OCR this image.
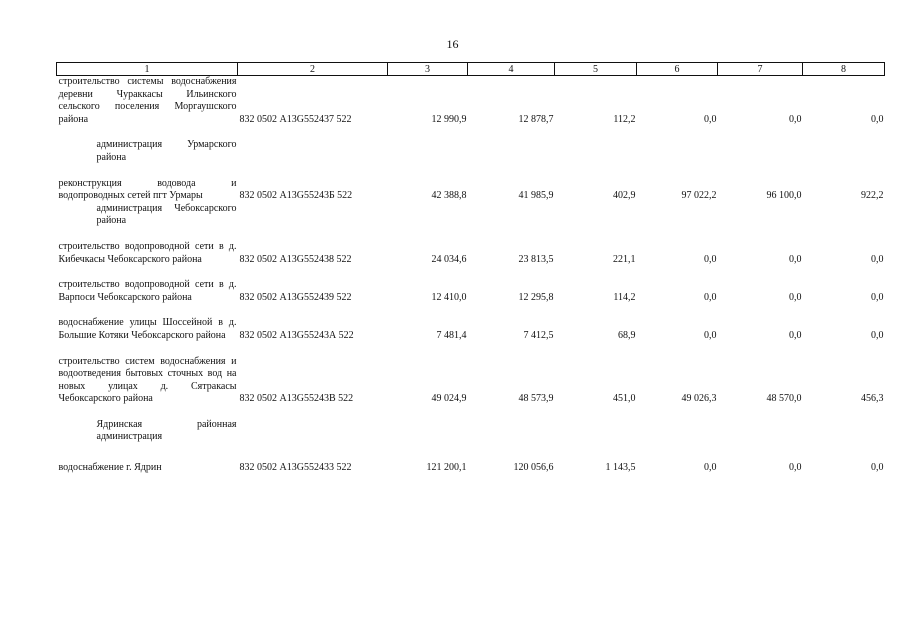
16
1	2	3	4	5	6	7	8
строительство системы водоснабжения деревни Чураккасы Ильинского сельского поселения Моргаушского района	832 0502 А13G552437 522	12 990,9	12 878,7	112,2	0,0	0,0	0,0

администрация Урмарского района							

реконструкция водовода и водопроводных сетей пгт Урмары	832 0502 А13G55243Б 522	42 388,8	41 985,9	402,9	97 022,2	96 100,0	922,2
администрация Чебоксарского района							

строительство водопроводной сети в д. Кибечкасы Чебоксарского района	832 0502 А13G552438 522	24 034,6	23 813,5	221,1	0,0	0,0	0,0

строительство водопроводной сети в д. Варпоси Чебоксарского района	832 0502 А13G552439 522	12 410,0	12 295,8	114,2	0,0	0,0	0,0

водоснабжение улицы Шоссейной в д. Большие Котяки Чебоксарского района	832 0502 А13G55243А 522	7 481,4	7 412,5	68,9	0,0	0,0	0,0

строительство систем водоснабжения и водоотведения бытовых сточных вод на новых улицах д. Сятракасы Чебоксарского района	832 0502 А13G55243В 522	49 024,9	48 573,9	451,0	49 026,3	48 570,0	456,3

Ядринская районная администрация							

водоснабжение г. Ядрин	832 0502 А13G552433 522	121 200,1	120 056,6	1 143,5	0,0	0,0	0,0
